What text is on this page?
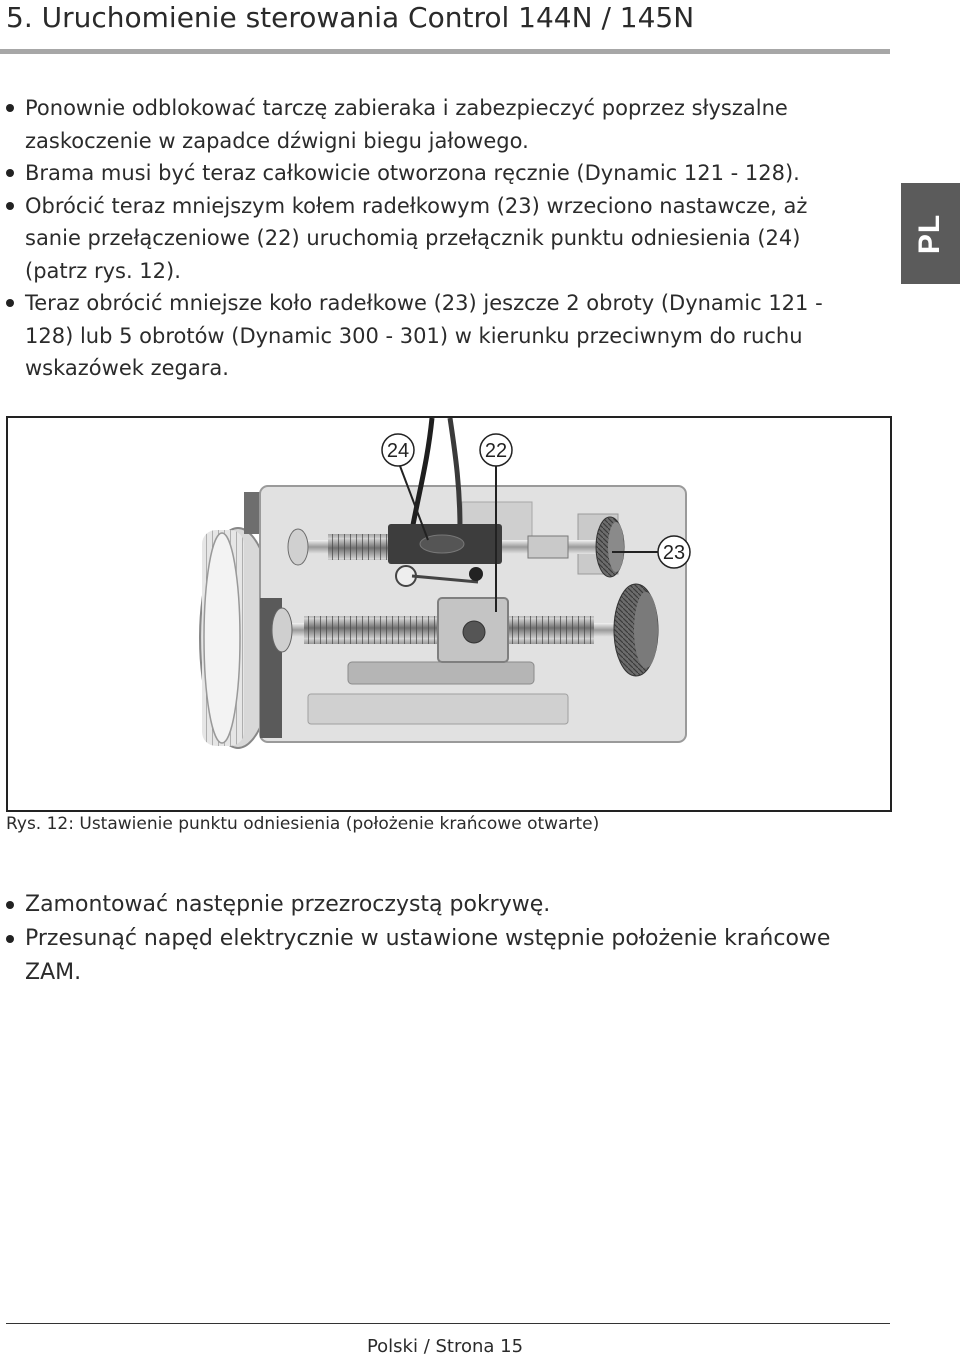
5. Uruchomienie sterowania Control 144N / 145N
PL
Ponownie odblokować tarczę zabieraka i zabezpieczyć poprzez słyszalne zaskoczenie w zapadce dźwigni biegu jałowego.
Brama musi być teraz całkowicie otworzona ręcznie (Dynamic 121 - 128).
Obrócić teraz mniejszym kołem radełkowym (23) wrzeciono nastawcze, aż sanie przełączeniowe (22) uruchomią przełącznik punktu odniesienia (24) (patrz rys. 12).
Teraz obrócić mniejsze koło radełkowe (23) jeszcze 2 obroty (Dynamic 121 - 128) lub 5 obrotów (Dynamic 300 - 301) w kierunku przeciwnym do ruchu wskazówek zegara.
24	22
23
Rys. 12: Ustawienie punktu odniesienia (położenie krańcowe otwarte)
Zamontować następnie przezroczystą pokrywę.
Przesunąć napęd elektrycznie w ustawione wstępnie położenie krańcowe ZAM.
Polski / Strona 15
